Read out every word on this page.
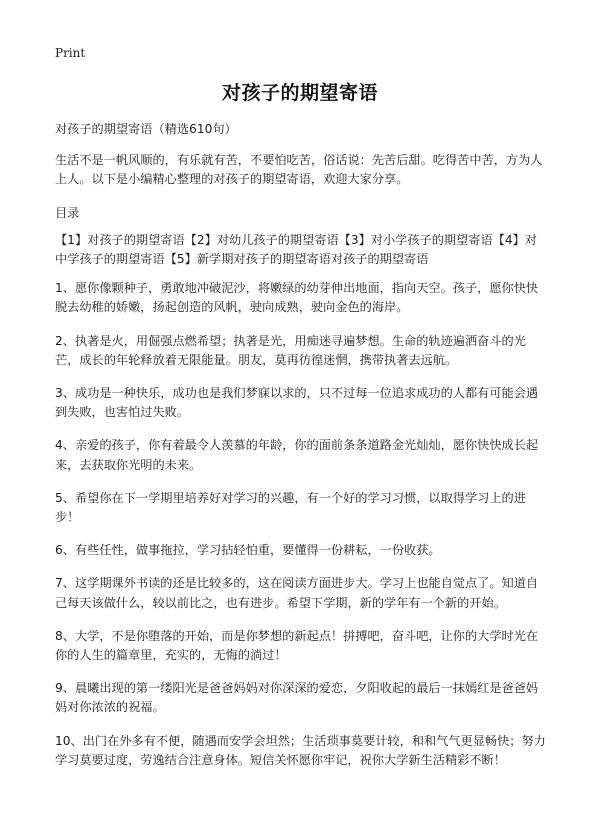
Print
对孩子的期望寄语

对孩子的期望寄语（精选610句）

生活不是一帆风顺的，有乐就有苦，不要怕吃苦，俗话说：先苦后甜。吃得苦中苦，方为人上人。以下是小编精心整理的对孩子的期望寄语，欢迎大家分享。

目录

【1】对孩子的期望寄语【2】对幼儿孩子的期望寄语【3】对小学孩子的期望寄语【4】对中学孩子的期望寄语【5】新学期对孩子的期望寄语对孩子的期望寄语

1、愿你像颗种子，勇敢地冲破泥沙，将嫩绿的幼芽伸出地面，指向天空。孩子，愿你快快脱去幼稚的娇嫩，扬起创造的风帆，驶向成熟，驶向金色的海岸。

2、执著是火，用倔强点燃希望；执著是光，用痴迷寻遍梦想。生命的轨迹遍洒奋斗的光芒，成长的年轮释放着无限能量。朋友，莫再彷徨迷惘，携带执著去远航。

3、成功是一种快乐，成功也是我们梦寐以求的，只不过每一位追求成功的人都有可能会遇到失败，也害怕过失败。

4、亲爱的孩子，你有着最令人羡慕的年龄，你的面前条条道路金光灿灿，愿你快快成长起来，去获取你光明的未来。

5、希望你在下一学期里培养好对学习的兴趣，有一个好的学习习惯，以取得学习上的进步！

6、有些任性，做事拖拉，学习拈轻怕重，要懂得一份耕耘，一份收获。

7、这学期课外书读的还是比较多的，这在阅读方面进步大。学习上也能自觉点了。知道自己每天该做什么，较以前比之，也有进步。希望下学期，新的学年有一个新的开始。

8、大学，不是你堕落的开始，而是你梦想的新起点！拼搏吧，奋斗吧，让你的大学时光在你的人生的篇章里，充实的，无悔的淌过！

9、晨曦出现的第一缕阳光是爸爸妈妈对你深深的爱恋，夕阳收起的最后一抹嫣红是爸爸妈妈对你浓浓的祝福。

10、出门在外多有不便，随遇而安学会坦然；生活琐事莫要计较，和和气气更显畅快；努力学习莫要过度，劳逸结合注意身体。短信关怀愿你牢记，祝你大学新生活精彩不断！
